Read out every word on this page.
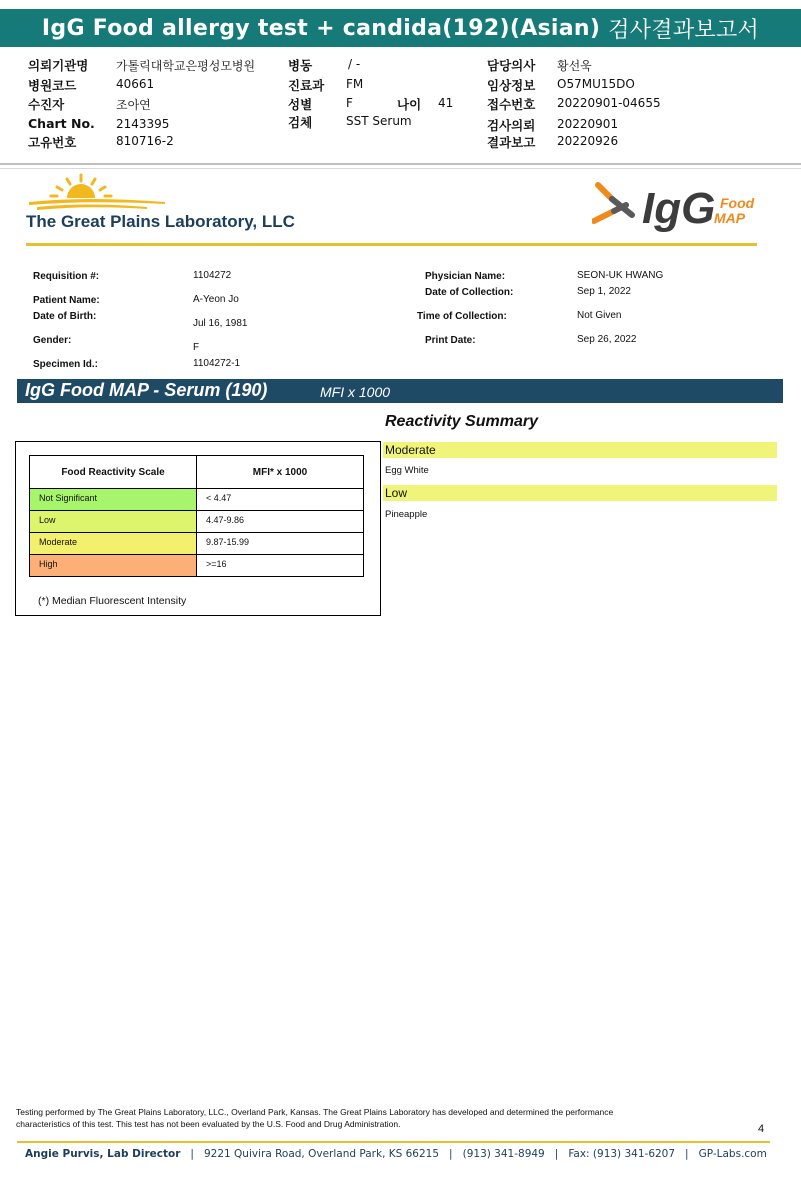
IgG Food allergy test + candida(192)(Asian)
검사결과보고서
의뢰기관명 가톨릭대학교은평성모병원
병원코드	40661
수진자	조아연
Chart No. 2143395
고유번호	810716-2
병동	/ -
진료과 FM
성별	F	나이 41
검체	SST Serum
담당의사 황선욱
임상정보 O57MU15DO
접수번호 20220901-04655
검사의뢰 20220901
결과보고 20220926
The Great Plains Laboratory, LLC	IgG Food
MAP
Requisition #:	1104272
Patient Name:	A-Yeon Jo
Date of Birth:
Jul 16, 1981
Gender:
F
Specimen Id.:	1104272-1
Physician Name:	SEON-UK HWANG
Date of Collection:	Sep 1, 2022
Time of Collection:	Not Given
Print Date:	Sep 26, 2022
IgG Food MAP - Serum (190)	MFI x 1000
Food Reactivity Scale	MFI* x 1000
Not Significant	< 4.47
Low	4.47-9.86
Moderate	9.87-15.99
High	>=16
(*) Median Fluorescent Intensity
Reactivity Summary
Moderate
Egg White
Low
Pineapple
Testing performed by The Great Plains Laboratory, LLC., Overland Park, Kansas. The Great Plains Laboratory has developed and determined the performance
characteristics of this test. This test has not been evaluated by the U.S. Food and Drug Administration.	4
Angie Purvis, Lab Director   |   9221 Quivira Road, Overland Park, KS 66215   |   (913) 341-8949   |   Fax: (913) 341-6207   |   GP-Labs.com
